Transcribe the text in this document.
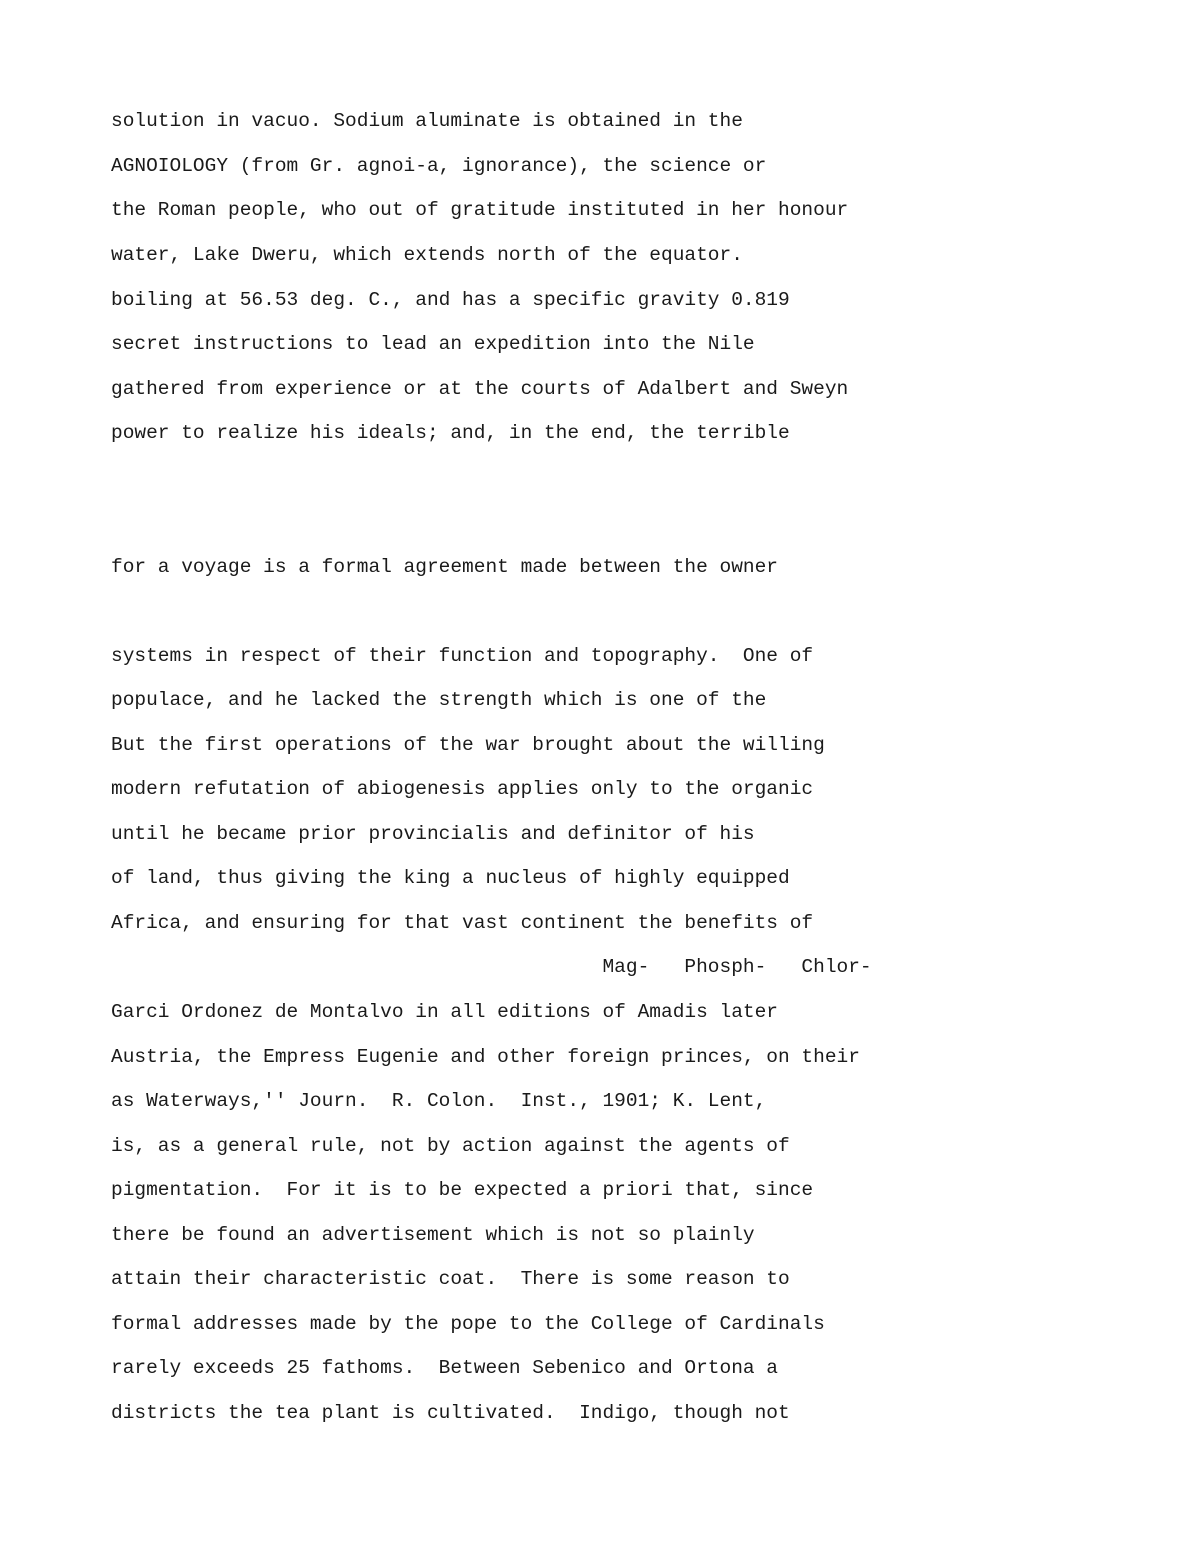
solution in vacuo. Sodium aluminate is obtained in the

AGNOIOLOGY (from Gr. agnoi-a, ignorance), the science or

the Roman people, who out of gratitude instituted in her honour

water, Lake Dweru, which extends north of the equator.

boiling at 56.53 deg. C., and has a specific gravity 0.819

secret instructions to lead an expedition into the Nile

gathered from experience or at the courts of Adalbert and Sweyn

power to realize his ideals; and, in the end, the terrible

for a voyage is a formal agreement made between the owner

systems in respect of their function and topography.  One of

populace, and he lacked the strength which is one of the

But the first operations of the war brought about the willing

modern refutation of abiogenesis applies only to the organic

until he became prior provincialis and definitor of his

of land, thus giving the king a nucleus of highly equipped

Africa, and ensuring for that vast continent the benefits of

Mag-   Phosph-   Chlor-

Garci Ordonez de Montalvo in all editions of Amadis later

Austria, the Empress Eugenie and other foreign princes, on their

as Waterways,'' Journ.  R. Colon.  Inst., 1901; K. Lent,

is, as a general rule, not by action against the agents of

pigmentation.  For it is to be expected a priori that, since

there be found an advertisement which is not so plainly

attain their characteristic coat.  There is some reason to

formal addresses made by the pope to the College of Cardinals

rarely exceeds 25 fathoms.  Between Sebenico and Ortona a

districts the tea plant is cultivated.  Indigo, though not
